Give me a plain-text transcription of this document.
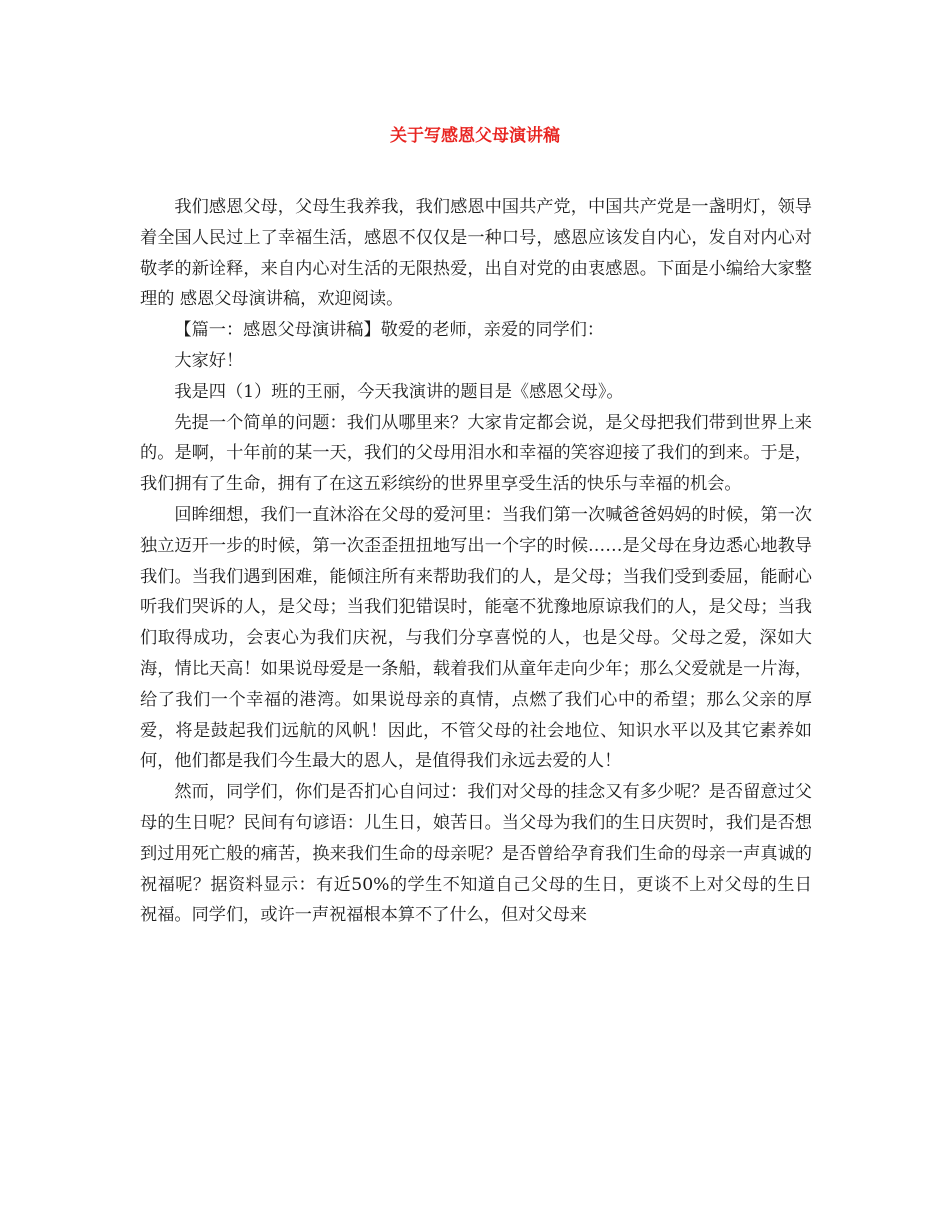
关于写感恩父母演讲稿

我们感恩父母，父母生我养我，我们感恩中国共产党，中国共产党是一盏明灯，领导着全国人民过上了幸福生活，感恩不仅仅是一种口号，感恩应该发自内心，发自对内心对敬孝的新诠释，来自内心对生活的无限热爱，出自对党的由衷感恩。下面是小编给大家整理的 感恩父母演讲稿，欢迎阅读。

【篇一：感恩父母演讲稿】敬爱的老师，亲爱的同学们：

大家好！

我是四（1）班的王丽，今天我演讲的题目是《感恩父母》。

先提一个简单的问题：我们从哪里来？大家肯定都会说，是父母把我们带到世界上来的。是啊，十年前的某一天，我们的父母用泪水和幸福的笑容迎接了我们的到来。于是，我们拥有了生命，拥有了在这五彩缤纷的世界里享受生活的快乐与幸福的机会。

回眸细想，我们一直沐浴在父母的爱河里：当我们第一次喊爸爸妈妈的时候，第一次独立迈开一步的时候，第一次歪歪扭扭地写出一个字的时候……是父母在身边悉心地教导我们。当我们遇到困难，能倾注所有来帮助我们的人，是父母；当我们受到委屈，能耐心听我们哭诉的人，是父母；当我们犯错误时，能毫不犹豫地原谅我们的人，是父母；当我们取得成功，会衷心为我们庆祝，与我们分享喜悦的人，也是父母。父母之爱，深如大海，情比天高！如果说母爱是一条船，载着我们从童年走向少年；那么父爱就是一片海，给了我们一个幸福的港湾。如果说母亲的真情，点燃了我们心中的希望；那么父亲的厚爱，将是鼓起我们远航的风帆！因此，不管父母的社会地位、知识水平以及其它素养如何，他们都是我们今生最大的恩人，是值得我们永远去爱的人！

然而，同学们，你们是否扪心自问过：我们对父母的挂念又有多少呢？是否留意过父母的生日呢？民间有句谚语：儿生日，娘苦日。当父母为我们的生日庆贺时，我们是否想到过用死亡般的痛苦，换来我们生命的母亲呢？是否曾给孕育我们生命的母亲一声真诚的祝福呢？据资料显示：有近50%的学生不知道自己父母的生日，更谈不上对父母的生日祝福。同学们，或许一声祝福根本算不了什么，但对父母来
